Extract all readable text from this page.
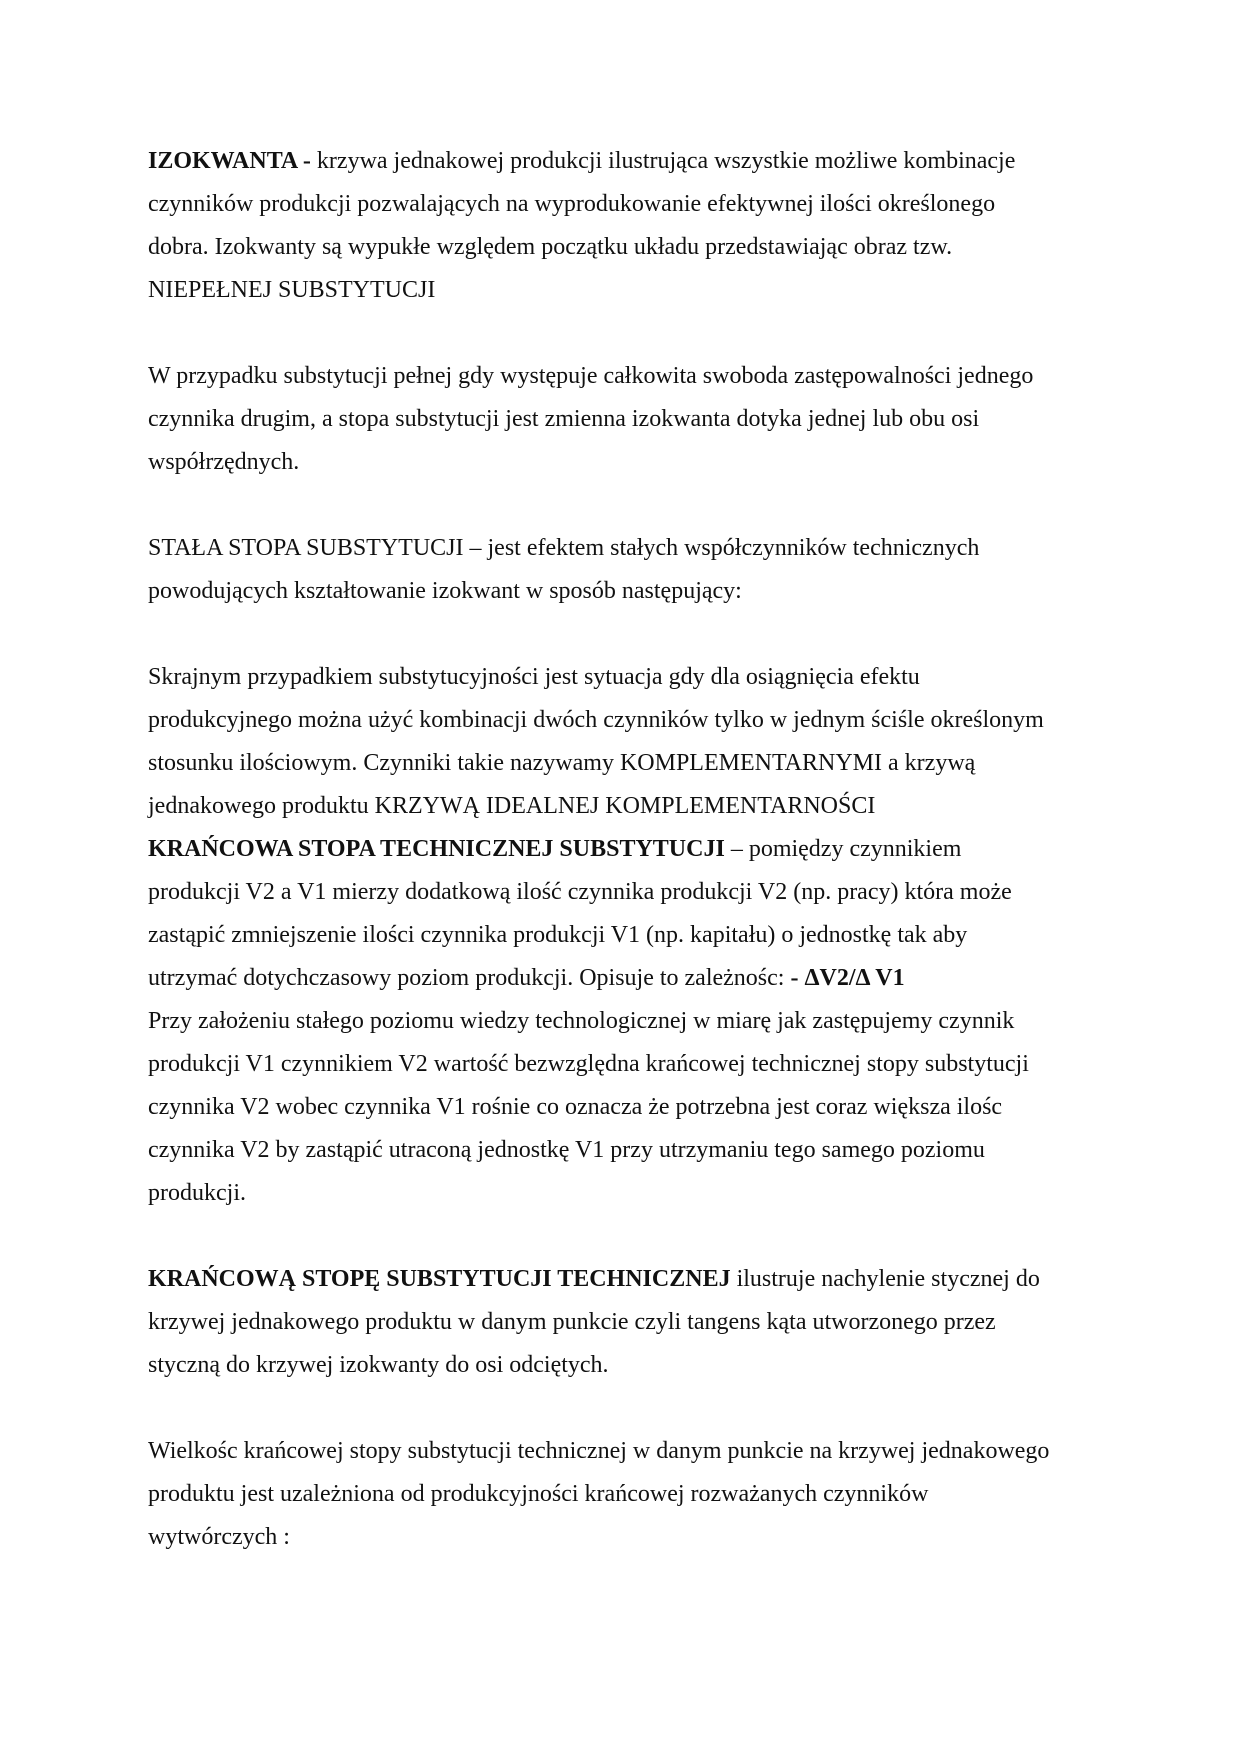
IZOKWANTA - krzywa jednakowej produkcji ilustrująca wszystkie możliwe kombinacje
czynników produkcji pozwalających na wyprodukowanie efektywnej ilości określonego
dobra. Izokwanty są wypukłe względem początku układu przedstawiając obraz tzw.
NIEPEŁNEJ SUBSTYTUCJI

W przypadku substytucji pełnej gdy występuje całkowita swoboda zastępowalności jednego
czynnika drugim, a stopa substytucji jest zmienna izokwanta dotyka jednej lub obu osi
współrzędnych.

STAŁA STOPA SUBSTYTUCJI – jest efektem stałych współczynników technicznych
powodujących kształtowanie izokwant w sposób następujący:

Skrajnym przypadkiem substytucyjności jest sytuacja gdy dla osiągnięcia efektu
produkcyjnego można użyć kombinacji dwóch czynników tylko w jednym ściśle określonym
stosunku ilościowym. Czynniki takie nazywamy KOMPLEMENTARNYMI a krzywą
jednakowego produktu KRZYWĄ IDEALNEJ KOMPLEMENTARNOŚCI

KRAŃCOWA STOPA TECHNICZNEJ SUBSTYTUCJI – pomiędzy czynnikiem
produkcji V2 a V1 mierzy dodatkową ilość czynnika produkcji V2 (np. pracy) która może
zastąpić zmniejszenie ilości czynnika produkcji V1 (np. kapitału) o jednostkę tak aby
utrzymać dotychczasowy poziom produkcji. Opisuje to zależnośc: - ΔV2/Δ V1
Przy założeniu stałego poziomu wiedzy technologicznej w miarę jak zastępujemy czynnik
produkcji V1 czynnikiem V2 wartość bezwzględna krańcowej technicznej stopy substytucji
czynnika V2 wobec czynnika V1 rośnie co oznacza że potrzebna jest coraz większa ilośc
czynnika V2 by zastąpić utraconą jednostkę V1 przy utrzymaniu tego samego poziomu
produkcji.

KRAŃCOWĄ STOPĘ SUBSTYTUCJI TECHNICZNEJ ilustruje nachylenie stycznej do
krzywej jednakowego produktu w danym punkcie czyli tangens kąta utworzonego przez
styczną do krzywej izokwanty do osi odciętych.

Wielkośc krańcowej stopy substytucji technicznej w danym punkcie na krzywej jednakowego
produktu jest uzależniona od produkcyjności krańcowej rozważanych czynników
wytwórczych :
